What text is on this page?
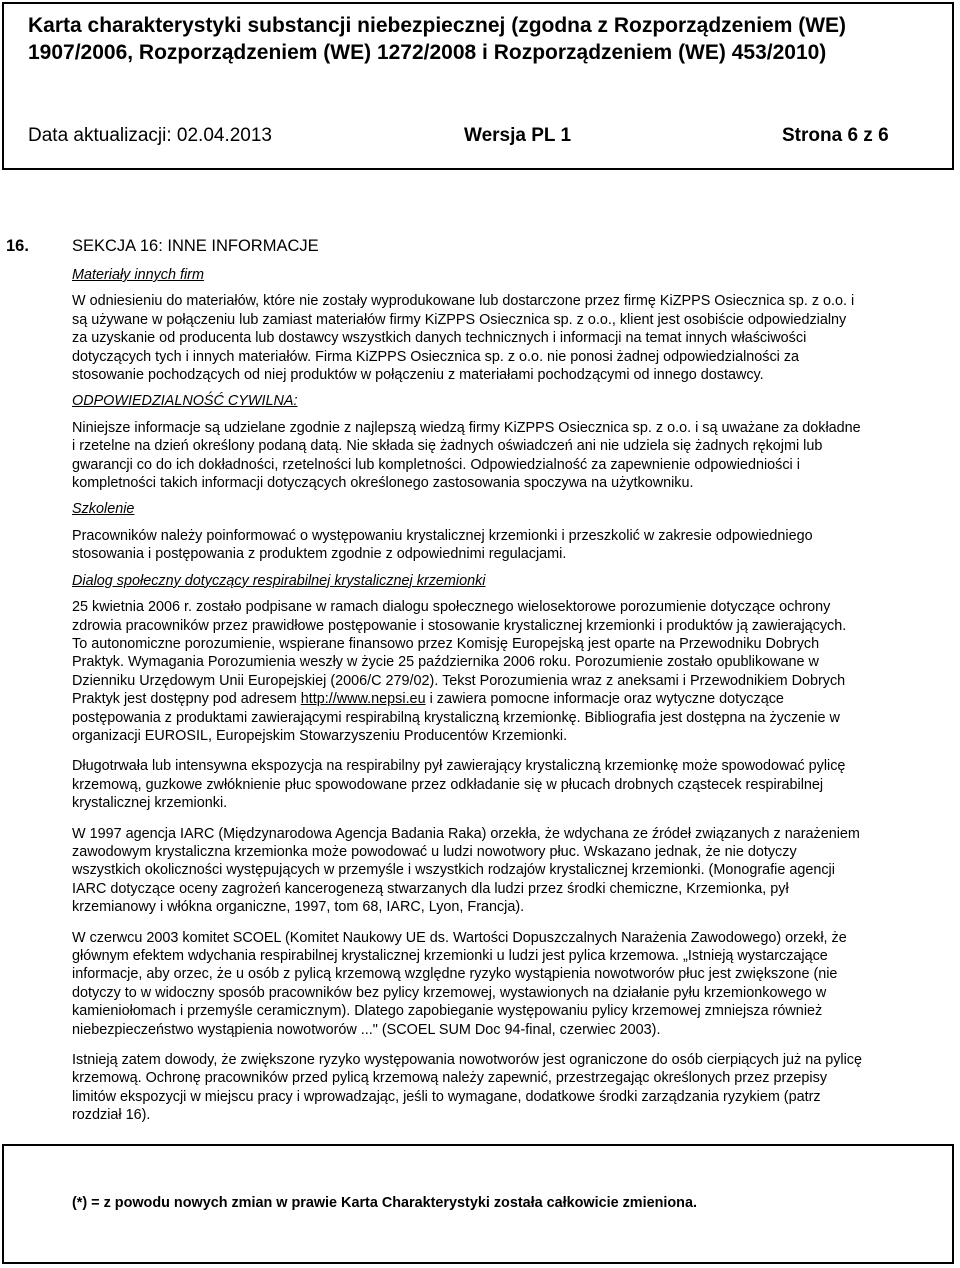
Karta charakterystyki substancji niebezpiecznej (zgodna z Rozporządzeniem (WE) 1907/2006, Rozporządzeniem (WE) 1272/2008 i Rozporządzeniem (WE) 453/2010)
Data aktualizacji: 02.04.2013	Wersja PL 1	Strona 6 z 6
16.	SEKCJA 16: INNE INFORMACJE

Materiały innych firm

W odniesieniu do materiałów, które nie zostały wyprodukowane lub dostarczone przez firmę KiZPPS Osiecznica sp. z o.o. i są używane w połączeniu lub zamiast materiałów firmy KiZPPS Osiecznica sp. z o.o., klient jest osobiście odpowiedzialny za uzyskanie od producenta lub dostawcy wszystkich danych technicznych i informacji na temat innych właściwości dotyczących tych i innych materiałów. Firma KiZPPS Osiecznica sp. z o.o. nie ponosi żadnej odpowiedzialności za stosowanie pochodzących od niej produktów w połączeniu z materiałami pochodzącymi od innego dostawcy.

ODPOWIEDZIALNOŚĆ CYWILNA:

Niniejsze informacje są udzielane zgodnie z najlepszą wiedzą firmy KiZPPS Osiecznica sp. z o.o. i są uważane za dokładne i rzetelne na dzień określony podaną datą. Nie składa się żadnych oświadczeń ani nie udziela się żadnych rękojmi lub gwarancji co do ich dokładności, rzetelności lub kompletności. Odpowiedzialność za zapewnienie odpowiedniości i kompletności takich informacji dotyczących określonego zastosowania spoczywa na użytkowniku.

Szkolenie

Pracowników należy poinformować o występowaniu krystalicznej krzemionki i przeszkolić w zakresie odpowiedniego stosowania i postępowania z produktem zgodnie z odpowiednimi regulacjami.

Dialog społeczny dotyczący respirabilnej krystalicznej krzemionki

25 kwietnia 2006 r. zostało podpisane w ramach dialogu społecznego wielosektorowe porozumienie dotyczące ochrony zdrowia pracowników przez prawidłowe postępowanie i stosowanie krystalicznej krzemionki i produktów ją zawierających. To autonomiczne porozumienie, wspierane finansowo przez Komisję Europejską jest oparte na Przewodniku Dobrych Praktyk. Wymagania Porozumienia weszły w życie 25 października 2006 roku. Porozumienie zostało opublikowane w Dzienniku Urzędowym Unii Europejskiej (2006/C 279/02). Tekst Porozumienia wraz z aneksami i Przewodnikiem Dobrych Praktyk jest dostępny pod adresem http://www.nepsi.eu i zawiera pomocne informacje oraz wytyczne dotyczące postępowania z produktami zawierającymi respirabilną krystaliczną krzemionkę. Bibliografia jest dostępna na życzenie w organizacji EUROSIL, Europejskim Stowarzyszeniu Producentów Krzemionki.

Długotrwała lub intensywna ekspozycja na respirabilny pył zawierający krystaliczną krzemionkę może spowodować pylicę krzemową, guzkowe zwłóknienie płuc spowodowane przez odkładanie się w płucach drobnych cząstecek respirabilnej krystalicznej krzemionki.

W 1997 agencja IARC (Międzynarodowa Agencja Badania Raka) orzekła, że wdychana ze źródeł związanych z narażeniem zawodowym krystaliczna krzemionka może powodować u ludzi nowotwory płuc. Wskazano jednak, że nie dotyczy wszystkich okoliczności występujących w przemyśle i wszystkich rodzajów krystalicznej krzemionki. (Monografie agencji IARC dotyczące oceny zagrożeń kancerogenezą stwarzanych dla ludzi przez środki chemiczne, Krzemionka, pył krzemianowy i włókna organiczne, 1997, tom 68, IARC, Lyon, Francja).

W czerwcu 2003 komitet SCOEL (Komitet Naukowy UE ds. Wartości Dopuszczalnych Narażenia Zawodowego) orzekł, że głównym efektem wdychania respirabilnej krystalicznej krzemionki u ludzi jest pylica krzemowa. „Istnieją wystarczające informacje, aby orzec, że u osób z pylicą krzemową względne ryzyko wystąpienia nowotworów płuc jest zwiększone (nie dotyczy to w widoczny sposób pracowników bez pylicy krzemowej, wystawionych na działanie pyłu krzemionkowego w kamieniołomach i przemyśle ceramicznym). Dlatego zapobieganie występowaniu pylicy krzemowej zmniejsza również niebezpieczeństwo wystąpienia nowotworów ..." (SCOEL SUM Doc 94-final, czerwiec 2003).

Istnieją zatem dowody, że zwiększone ryzyko występowania nowotworów jest ograniczone do osób cierpiących już na pylicę krzemową. Ochronę pracowników przed pylicą krzemową należy zapewnić, przestrzegając określonych przez przepisy limitów ekspozycji w miejscu pracy i wprowadzając, jeśli to wymagane, dodatkowe środki zarządzania ryzykiem (patrz rozdział 16).

(*) = z powodu nowych zmian w prawie Karta Charakterystyki została całkowicie zmieniona.
